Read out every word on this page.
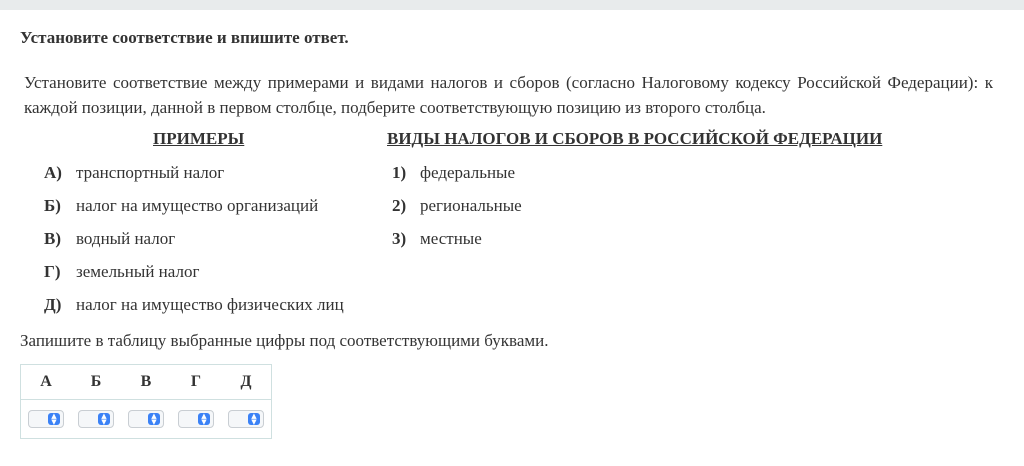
Установите соответствие и впишите ответ.
Установите соответствие между примерами и видами налогов и сборов (согласно Налоговому кодексу Российской Федерации): к каждой позиции, данной в первом столбце, подберите соответствующую позицию из второго столбца.
ПРИМЕРЫ	ВИДЫ НАЛОГОВ И СБОРОВ В РОССИЙСКОЙ ФЕДЕРАЦИИ
А) транспортный налог
Б) налог на имущество организаций
В) водный налог
Г) земельный налог
Д) налог на имущество физических лиц
1) федеральные
2) региональные
3) местные
Запишите в таблицу выбранные цифры под соответствующими буквами.
А	Б	В	Г	Д

▲
▼	▲
▼	▲
▼	▲
▼	▲
▼
